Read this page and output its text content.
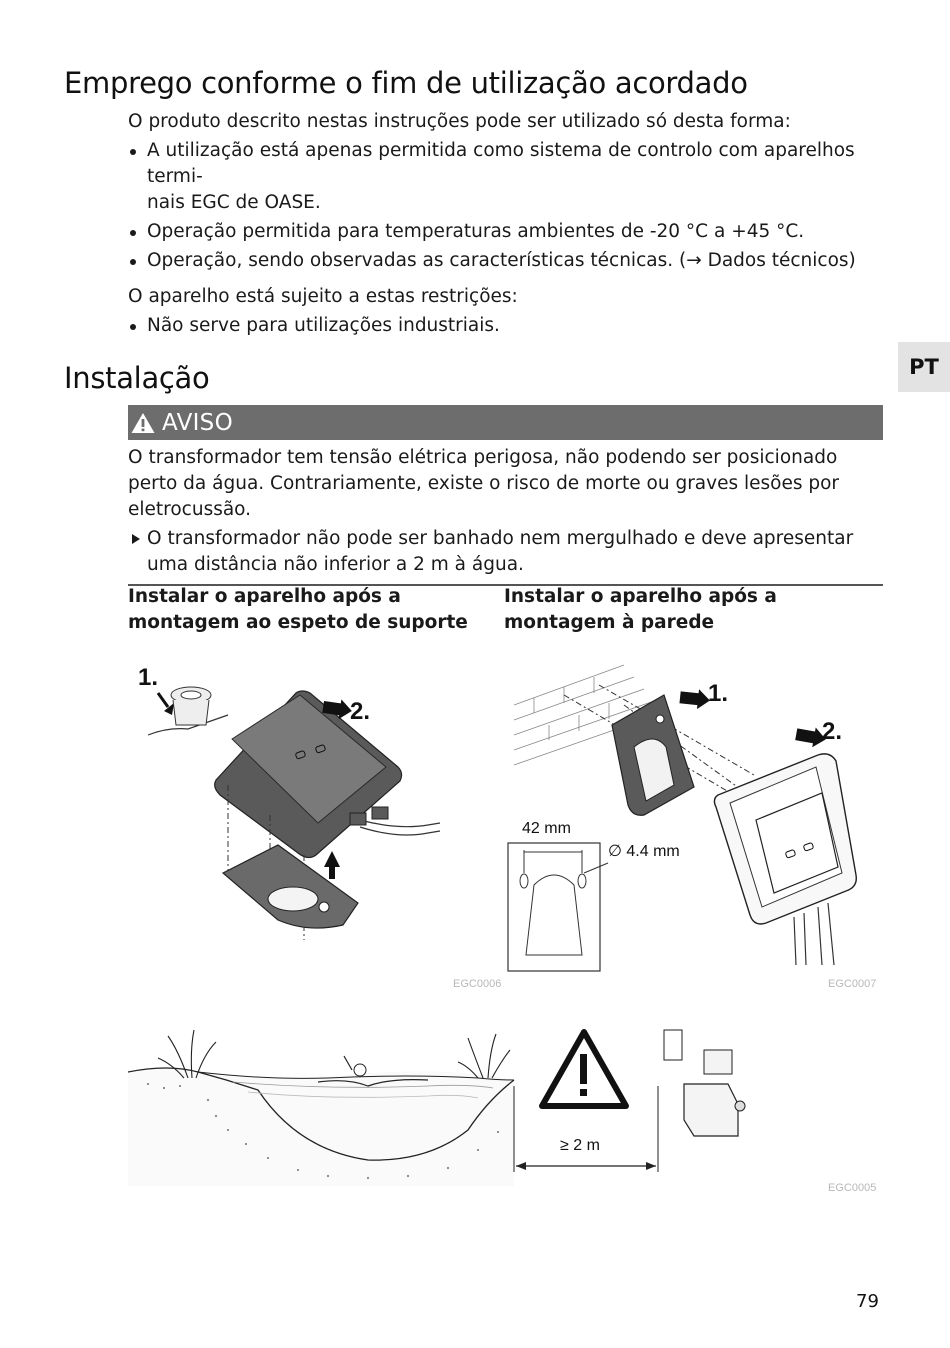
Emprego conforme o fim de utilização acordado

O produto descrito nestas instruções pode ser utilizado só desta forma:

A utilização está apenas permitida como sistema de controlo com aparelhos termi-
nais EGC de OASE.

Operação permitida para temperaturas ambientes de -20 °C a +45 °C.

Operação, sendo observadas as características técnicas. (→ Dados técnicos)

O aparelho está sujeito a estas restrições:

Não serve para utilizações industriais.

PT
Instalação
AVISO

O transformador tem tensão elétrica perigosa, não podendo ser posicionado perto da água. Contrariamente, existe o risco de morte ou graves lesões por eletrocussão.

O transformador não pode ser banhado nem mergulhado e deve apresentar uma distância não inferior a 2 m à água.

Instalar o aparelho após a montagem ao espeto de suporte

Instalar o aparelho após a montagem à parede

1.
2.
EGC0006
1.
2.
42 mm
∅ 4.4 mm
EGC0007
≥ 2 m
EGC0005
79
